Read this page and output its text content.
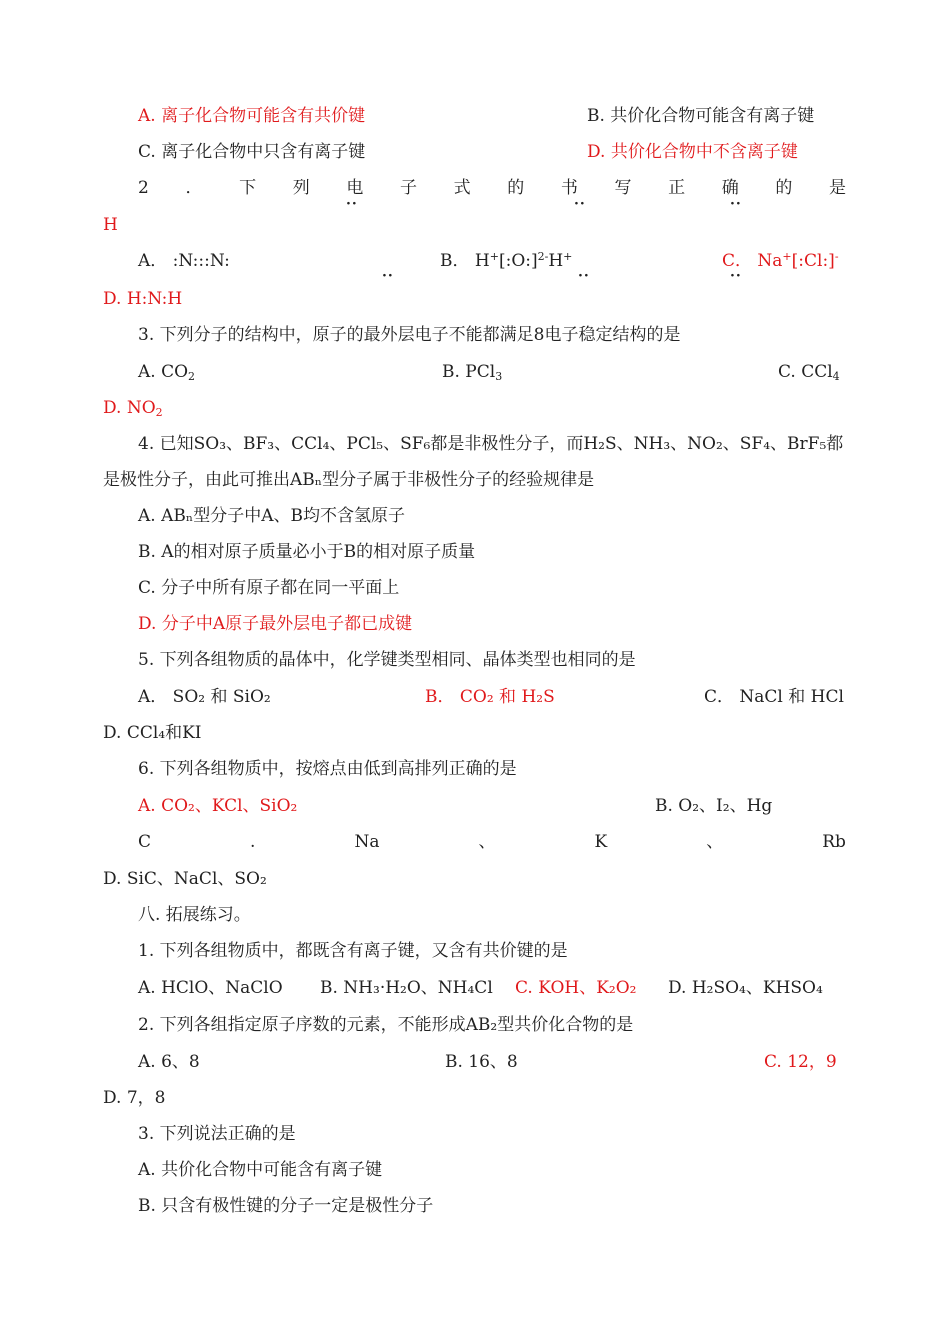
A. 离子化合物可能含有共价键	B. 共价化合物可能含有离子键
C. 离子化合物中只含有离子键	D. 共价化合物中不含离子键
2 ． 下 列 电 子 式 的 书 写 正 确 的 是
··	··	··
H
A． :N:::N:	B． H+[:O:]$^{2-}$H+	C． Na+[:Cl:]-
··	··	··
D. H:N:H
3. 下列分子的结构中，原子的最外层电子不能都满足8电子稳定结构的是
A. $CO_2$	B. PCl$_3$	C. CCl$_4$
D. $NO_2$
4. 已知SO₃、BF₃、CCl₄、PCl₅、SF₆都是非极性分子，而H₂S、NH₃、NO₂、SF₄、BrF₅都
是极性分子，由此可推出ABₙ型分子属于非极性分子的经验规律是
A. ABₙ型分子中A、B均不含氢原子
B. A的相对原子质量必小于B的相对原子质量
C. 分子中所有原子都在同一平面上
D. 分子中A原子最外层电子都已成键
5. 下列各组物质的晶体中，化学键类型相同、晶体类型也相同的是
A． SO₂ 和 SiO₂	B． CO₂ 和 H₂S	C． NaCl 和 HCl
D. CCl₄和KI
6. 下列各组物质中，按熔点由低到高排列正确的是
A. CO₂、KCl、SiO₂	B. O₂、I₂、Hg
C	.	Na	、	K	、	Rb
D. SiC、NaCl、SO₂
八. 拓展练习。
1. 下列各组物质中，都既含有离子键，又含有共价键的是
A. HClO、NaClO B. NH₃·H₂O、NH₄Cl C. KOH、K₂O₂ D. H₂SO₄、KHSO₄
2. 下列各组指定原子序数的元素，不能形成AB₂型共价化合物的是
A. 6、8	B. 16、8	C. 12，9
D. 7，8
3. 下列说法正确的是
A. 共价化合物中可能含有离子键
B. 只含有极性键的分子一定是极性分子
